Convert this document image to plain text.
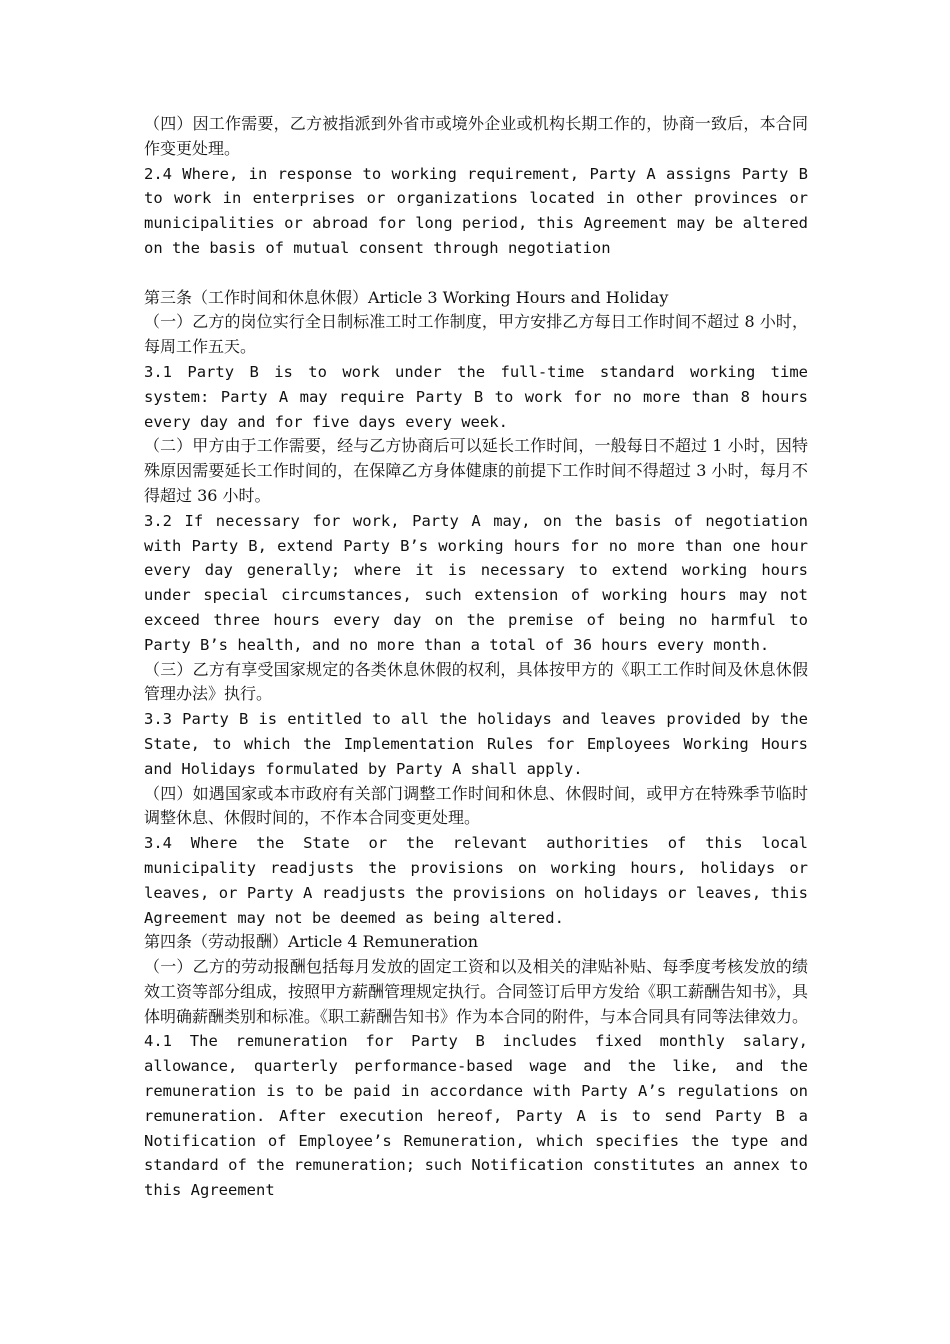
（四）因工作需要，乙方被指派到外省市或境外企业或机构长期工作的，协商一致后，本合同作变更处理。

2.4 Where, in response to working requirement, Party A assigns Party B to work in enterprises or organizations located in other provinces or municipalities or abroad for long period, this Agreement may be altered on the basis of mutual consent through negotiation

第三条（工作时间和休息休假）Article 3 Working Hours and Holiday

（一）乙方的岗位实行全日制标准工时工作制度，甲方安排乙方每日工作时间不超过 8 小时，每周工作五天。

3.1 Party B is to work under the full-time standard working time system: Party A may require Party B to work for no more than 8 hours every day and for five days every week.

（二）甲方由于工作需要，经与乙方协商后可以延长工作时间，一般每日不超过 1 小时，因特殊原因需要延长工作时间的，在保障乙方身体健康的前提下工作时间不得超过 3 小时，每月不得超过 36 小时。

3.2 If necessary for work, Party A may, on the basis of negotiation with Party B, extend Party B’s working hours for no more than one hour every day generally; where it is necessary to extend working hours under special circumstances, such extension of working hours may not exceed three hours every day on the premise of being no harmful to Party B’s health, and no more than a total of 36 hours every month.

（三）乙方有享受国家规定的各类休息休假的权利，具体按甲方的《职工工作时间及休息休假管理办法》执行。

3.3 Party B is entitled to all the holidays and leaves provided by the State, to which the Implementation Rules for Employees Working Hours and Holidays formulated by Party A shall apply.

（四）如遇国家或本市政府有关部门调整工作时间和休息、休假时间，或甲方在特殊季节临时调整休息、休假时间的，不作本合同变更处理。

3.4 Where the State or the relevant authorities of this local municipality readjusts the provisions on working hours, holidays or leaves, or Party A readjusts the provisions on holidays or leaves, this Agreement may not be deemed as being altered.

第四条（劳动报酬）Article 4 Remuneration

（一）乙方的劳动报酬包括每月发放的固定工资和以及相关的津贴补贴、每季度考核发放的绩效工资等部分组成，按照甲方薪酬管理规定执行。合同签订后甲方发给《职工薪酬告知书》，具体明确薪酬类别和标准。《职工薪酬告知书》作为本合同的附件，与本合同具有同等法律效力。

4.1 The remuneration for Party B includes fixed monthly salary, allowance, quarterly performance-based wage and the like, and the remuneration is to be paid in accordance with Party A’s regulations on remuneration. After execution hereof, Party A is to send Party B a Notification of Employee’s Remuneration, which specifies the type and standard of the remuneration; such Notification constitutes an annex to this Agreement
